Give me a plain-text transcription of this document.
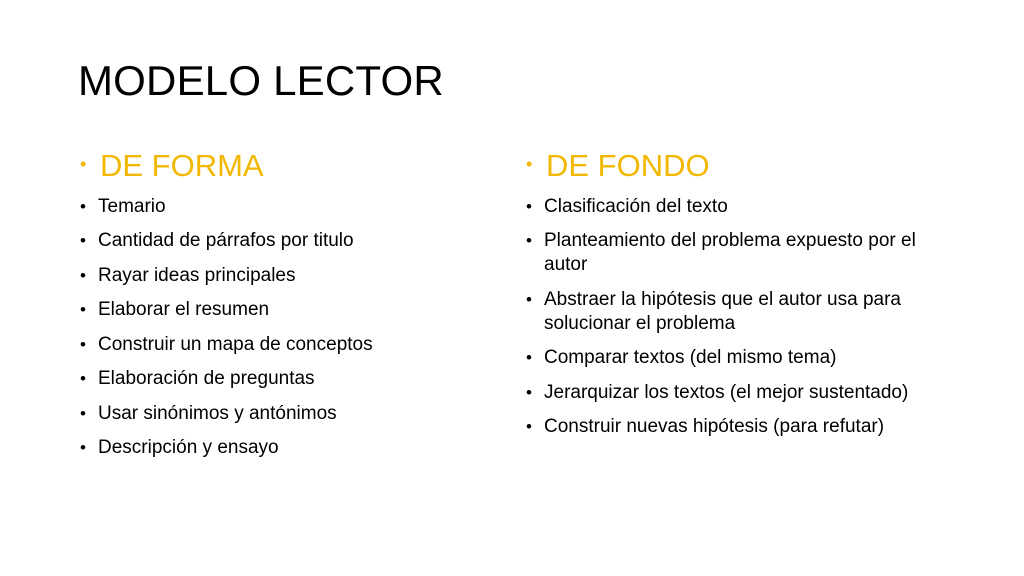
MODELO LECTOR
• DE FORMA
• Temario
• Cantidad de párrafos por titulo
• Rayar ideas principales
• Elaborar el resumen
• Construir un mapa de conceptos
• Elaboración de preguntas
• Usar sinónimos y antónimos
• Descripción y ensayo
• DE FONDO
• Clasificación del texto
• Planteamiento del problema expuesto por el autor
• Abstraer la hipótesis que el autor usa para solucionar el problema
• Comparar textos (del mismo tema)
• Jerarquizar los textos (el mejor sustentado)
• Construir nuevas hipótesis (para refutar)
